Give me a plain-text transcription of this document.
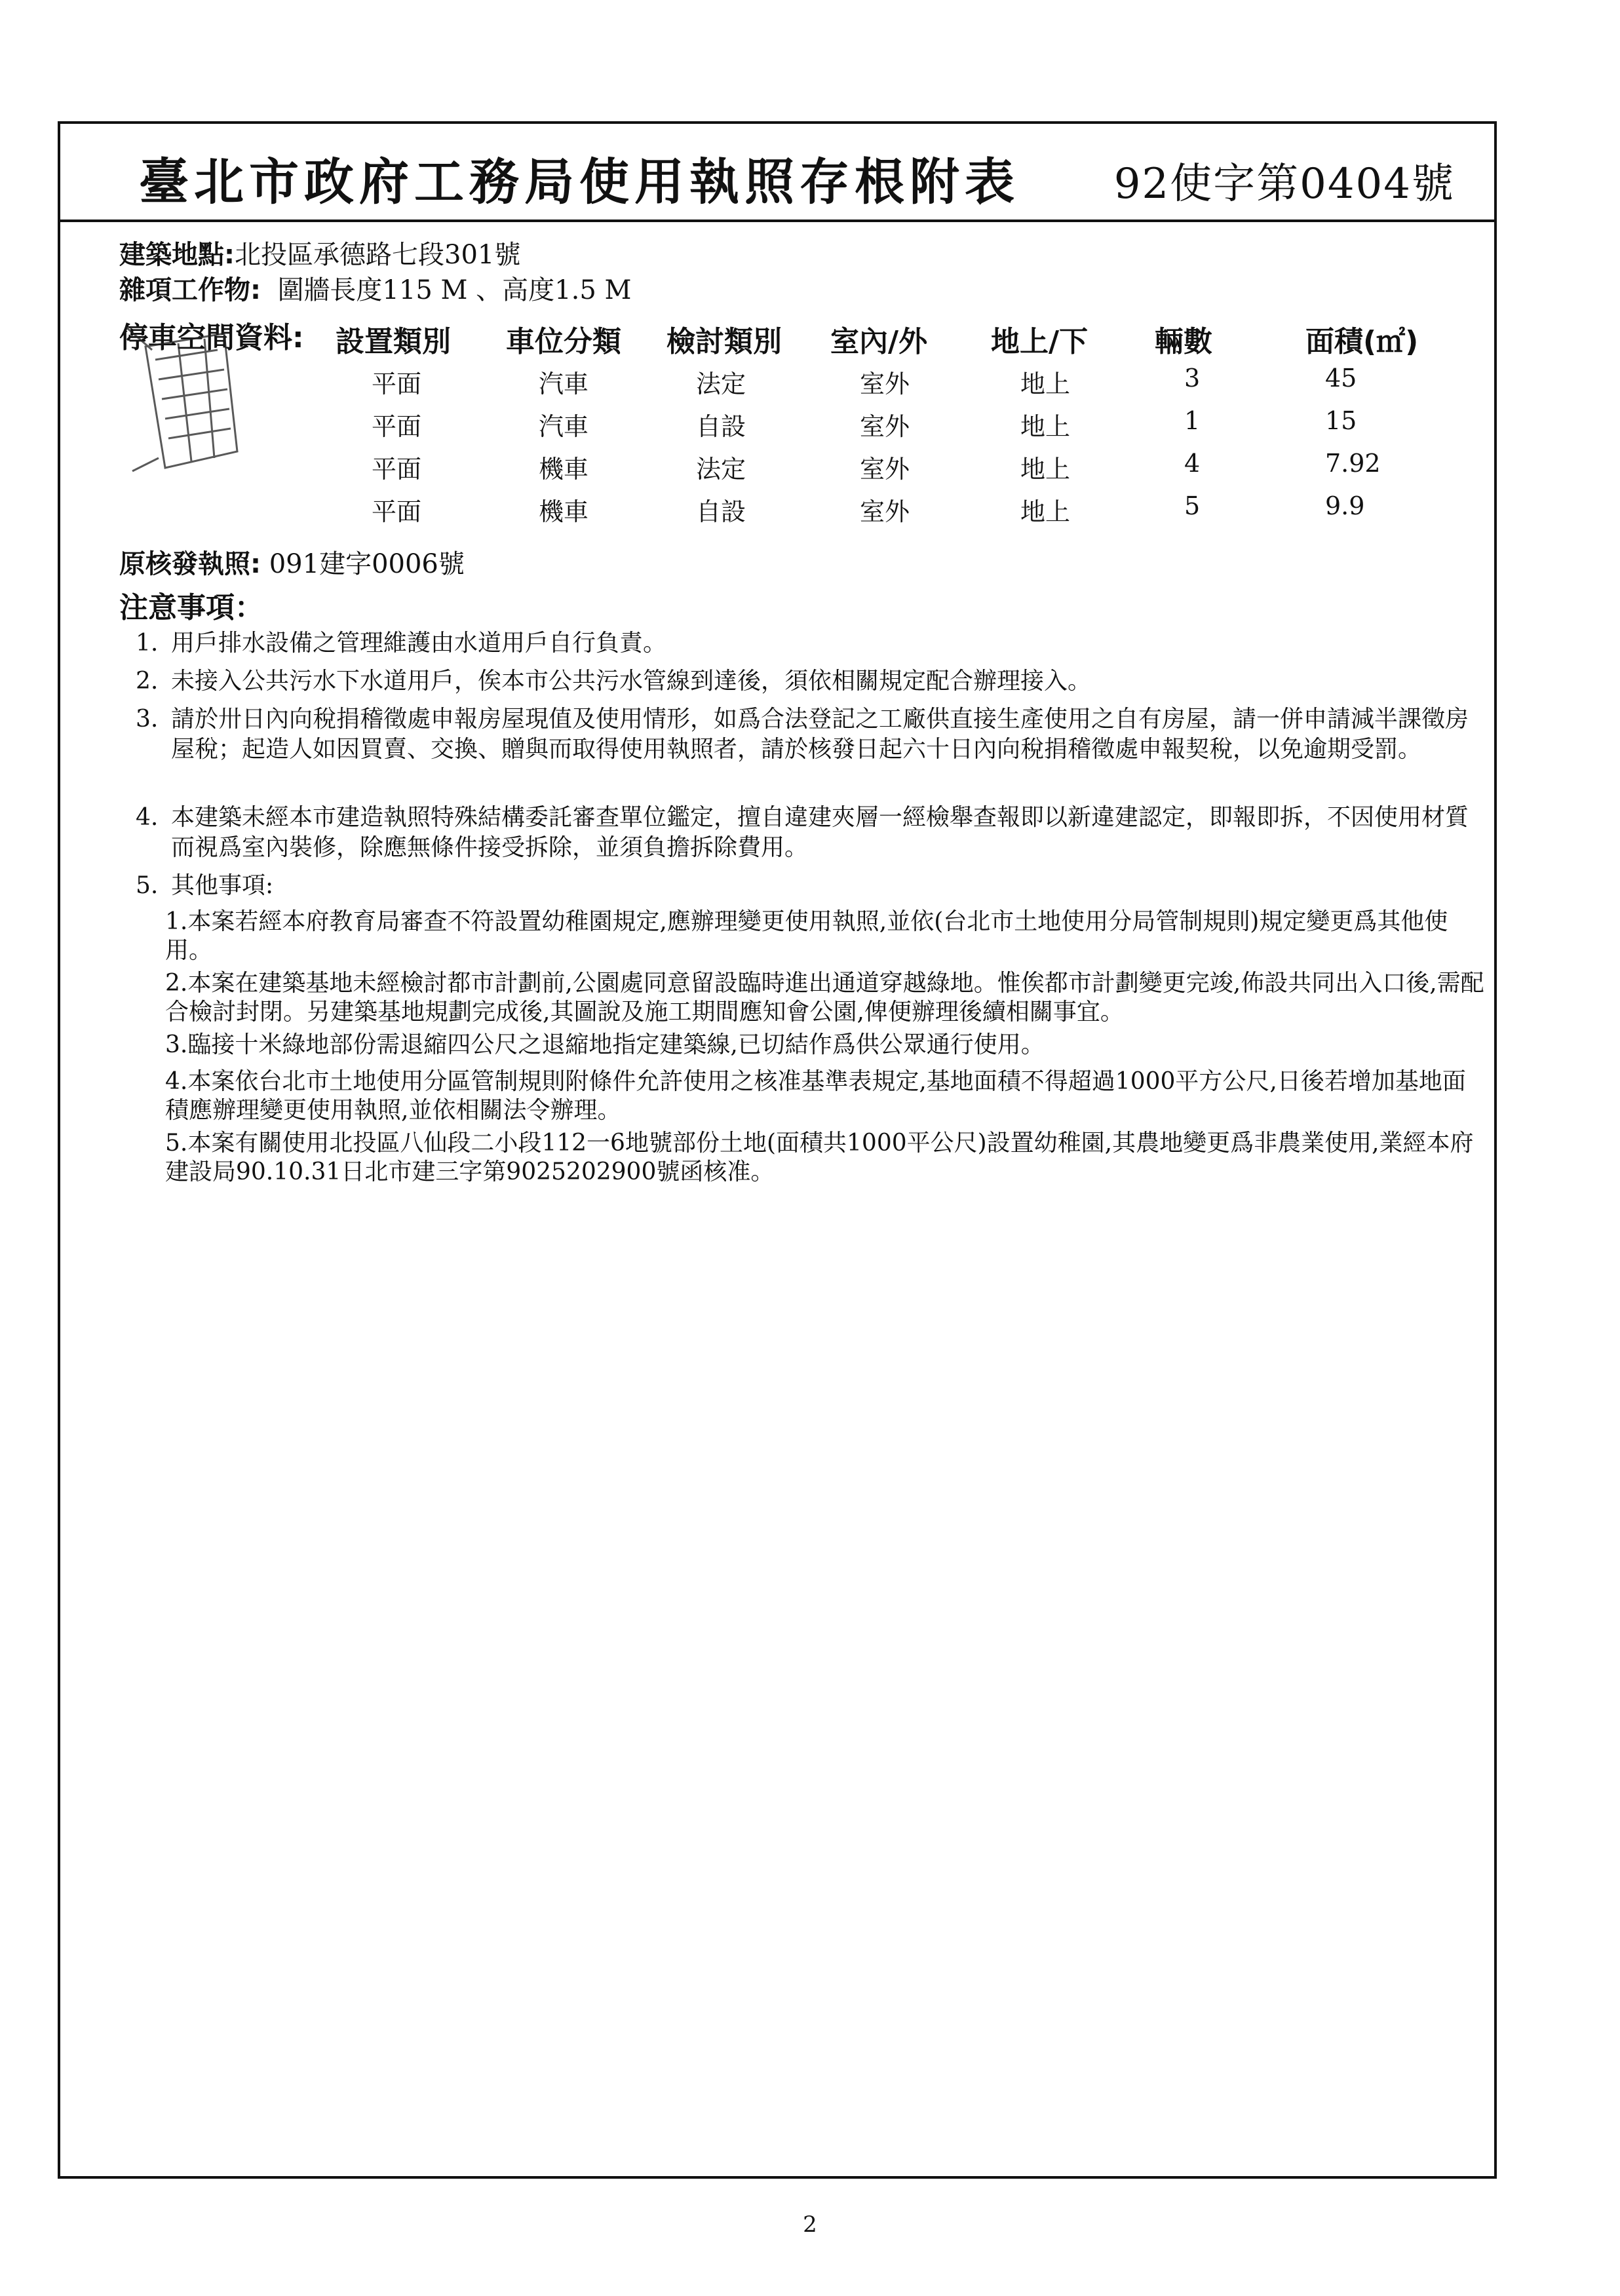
臺北市政府工務局使用執照存根附表 92使字第0404號
建築地點:北投區承德路七段301號
雜項工作物: 圍牆長度115 M 、高度1.5 M
停車空間資料: 設置類別 車位分類 檢討類別 室內/外 地上/下 輛數	面積(㎡)
平面	汽車	法定	室外	地上	3	45
平面	汽車	自設	室外	地上	1	15
平面	機車	法定	室外	地上	4	7.92
平面	機車	自設	室外	地上	5	9.9
原核發執照: 091建字0006號
注意事項：
1. 用戶排水設備之管理維護由水道用戶自行負責。
2. 未接入公共污水下水道用戶，俟本市公共污水管線到達後，須依相關規定配合辦理接入。
3. 請於卅日內向稅捐稽徵處申報房屋現值及使用情形，如爲合法登記之工廠供直接生產使用之自有房屋，請一併申請減半課徵房屋稅；起造人如因買賣、交換、贈與而取得使用執照者，請於核發日起六十日內向稅捐稽徵處申報契稅，以免逾期受罰。
4. 本建築未經本市建造執照特殊結構委託審查單位鑑定，擅自違建夾層一經檢舉查報即以新違建認定，即報即拆，不因使用材質而視爲室內裝修，除應無條件接受拆除，並須負擔拆除費用。
5. 其他事項:
1.本案若經本府教育局審查不符設置幼稚園規定,應辦理變更使用執照,並依(台北市土地使用分局管制規則)規定變更爲其他使用。
2.本案在建築基地未經檢討都市計劃前,公園處同意留設臨時進出通道穿越綠地。惟俟都市計劃變更完竣,佈設共同出入口後,需配合檢討封閉。另建築基地規劃完成後,其圖說及施工期間應知會公園,俾便辦理後續相關事宜。
3.臨接十米綠地部份需退縮四公尺之退縮地指定建築線,已切結作爲供公眾通行使用。
4.本案依台北市土地使用分區管制規則附條件允許使用之核准基準表規定,基地面積不得超過1000平方公尺,日後若增加基地面積應辦理變更使用執照,並依相關法令辦理。
5.本案有關使用北投區八仙段二小段112一6地號部份土地(面積共1000平公尺)設置幼稚園,其農地變更爲非農業使用,業經本府建設局90.10.31日北市建三字第9025202900號函核准。
2
